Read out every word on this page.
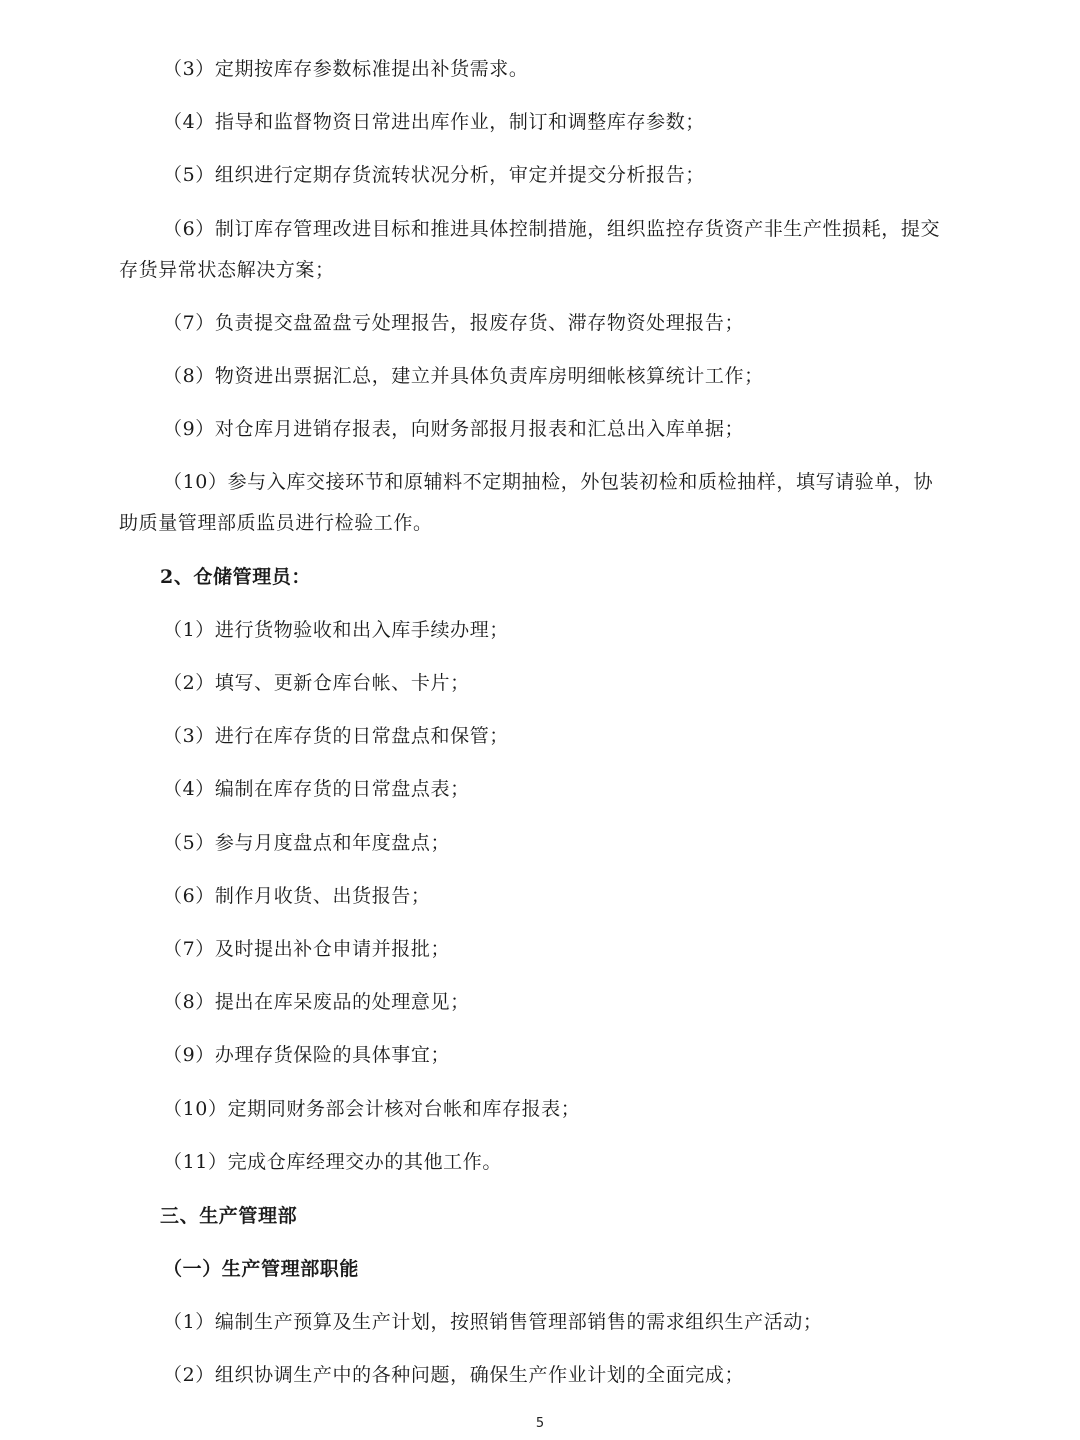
（3）定期按库存参数标准提出补货需求。
（4）指导和监督物资日常进出库作业，制订和调整库存参数；
（5）组织进行定期存货流转状况分析，审定并提交分析报告；
（6）制订库存管理改进目标和推进具体控制措施，组织监控存货资产非生产性损耗，提交
存货异常状态解决方案；
（7）负责提交盘盈盘亏处理报告，报废存货、滞存物资处理报告；
（8）物资进出票据汇总，建立并具体负责库房明细帐核算统计工作；
（9）对仓库月进销存报表，向财务部报月报表和汇总出入库单据；
（10）参与入库交接环节和原辅料不定期抽检，外包装初检和质检抽样，填写请验单，协
助质量管理部质监员进行检验工作。
2、仓储管理员：
（1）进行货物验收和出入库手续办理；
（2）填写、更新仓库台帐、卡片；
（3）进行在库存货的日常盘点和保管；
（4）编制在库存货的日常盘点表；
（5）参与月度盘点和年度盘点；
（6）制作月收货、出货报告；
（7）及时提出补仓申请并报批；
（8）提出在库呆废品的处理意见；
（9）办理存货保险的具体事宜；
（10）定期同财务部会计核对台帐和库存报表；
（11）完成仓库经理交办的其他工作。
三、生产管理部
（一）生产管理部职能
（1）编制生产预算及生产计划，按照销售管理部销售的需求组织生产活动；
（2）组织协调生产中的各种问题，确保生产作业计划的全面完成；
5
